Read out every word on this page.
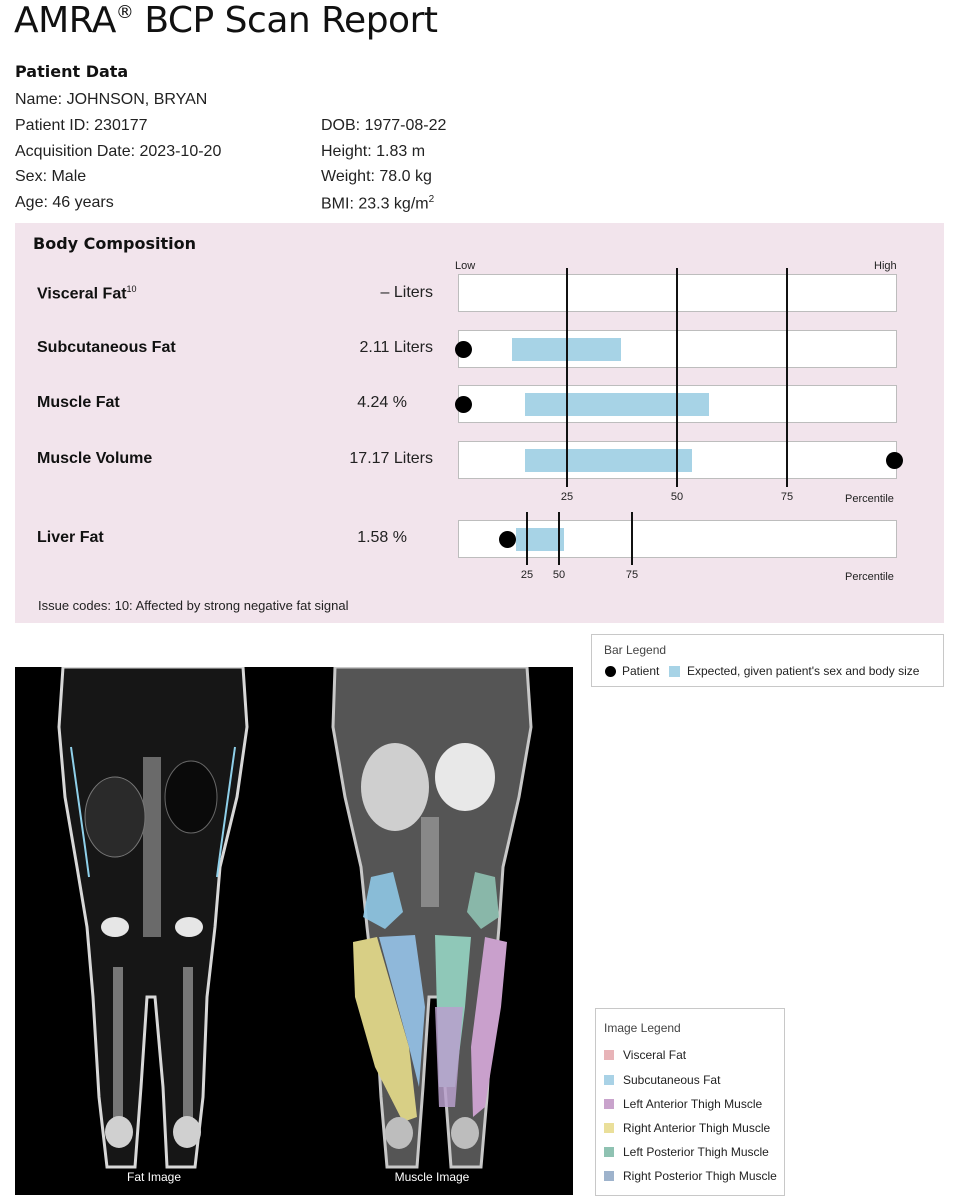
AMRA® BCP Scan Report
Patient Data
Name: JOHNSON, BRYAN
Patient ID: 230177
Acquisition Date: 2023-10-20
Sex: Male
Age: 46 years
DOB: 1977-08-22
Height: 1.83 m
Weight: 78.0 kg
BMI: 23.3 $kg/m^2$
Body Composition
Low	High
Visceral Fat$^{10}$	– Liters
Subcutaneous Fat	2.11 Liters
Muscle Fat	4.24 %
Muscle Volume	17.17 Liters
25	50	75	Percentile
Liver Fat	1.58 %
25	50	75	Percentile
Issue codes: 10: Affected by strong negative fat signal
Bar Legend
Patient Expected, given patient's sex and body size
Fat Image	Muscle Image
Image Legend
Visceral Fat
Subcutaneous Fat
Left Anterior Thigh Muscle
Right Anterior Thigh Muscle
Left Posterior Thigh Muscle
Right Posterior Thigh Muscle
